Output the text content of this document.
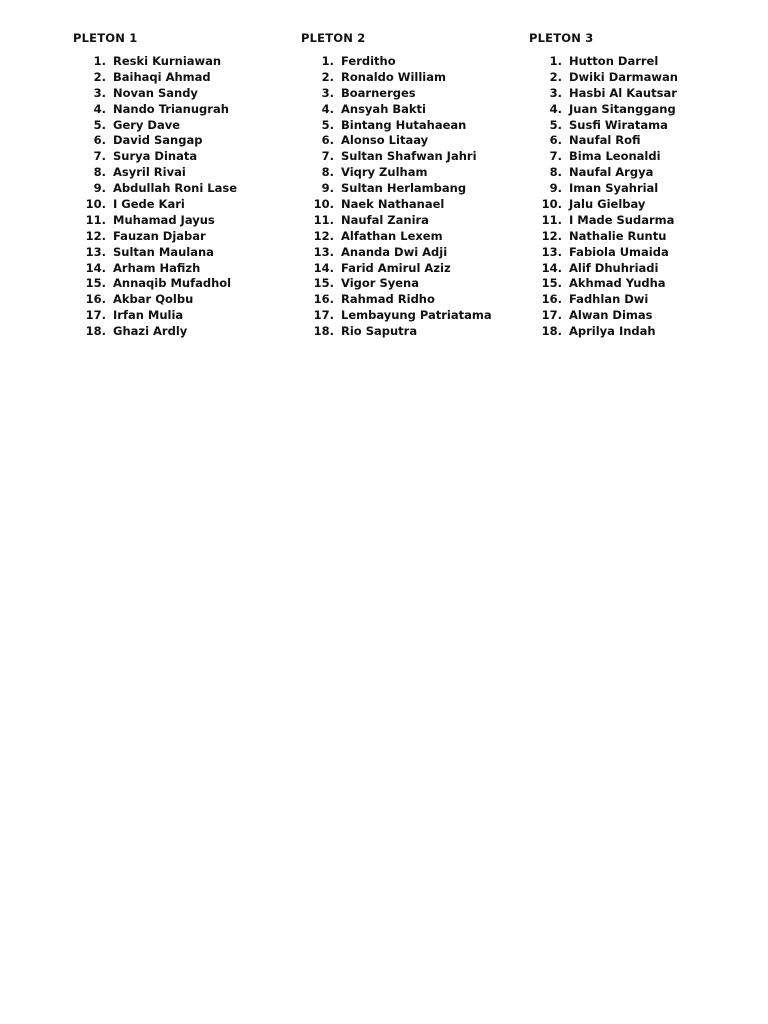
PLETON 1
1. Reski Kurniawan
2. Baihaqi Ahmad
3. Novan Sandy
4. Nando Trianugrah
5. Gery Dave
6. David Sangap
7. Surya Dinata
8. Asyril Rivai
9. Abdullah Roni Lase
10. I Gede Kari
11. Muhamad Jayus
12. Fauzan Djabar
13. Sultan Maulana
14. Arham Hafizh
15. Annaqib Mufadhol
16. Akbar Qolbu
17. Irfan Mulia
18. Ghazi Ardly
PLETON 2
1. Ferditho
2. Ronaldo William
3. Boarnerges
4. Ansyah Bakti
5. Bintang Hutahaean
6. Alonso Litaay
7. Sultan Shafwan Jahri
8. Viqry Zulham
9. Sultan Herlambang
10. Naek Nathanael
11. Naufal Zanira
12. Alfathan Lexem
13. Ananda Dwi Adji
14. Farid Amirul Aziz
15. Vigor Syena
16. Rahmad Ridho
17. Lembayung Patriatama
18. Rio Saputra
PLETON 3
1. Hutton Darrel
2. Dwiki Darmawan
3. Hasbi Al Kautsar
4. Juan Sitanggang
5. Susfi Wiratama
6. Naufal Rofi
7. Bima Leonaldi
8. Naufal Argya
9. Iman Syahrial
10. Jalu Gielbay
11. I Made Sudarma
12. Nathalie Runtu
13. Fabiola Umaida
14. Alif Dhuhriadi
15. Akhmad Yudha
16. Fadhlan Dwi
17. Alwan Dimas
18. Aprilya Indah
